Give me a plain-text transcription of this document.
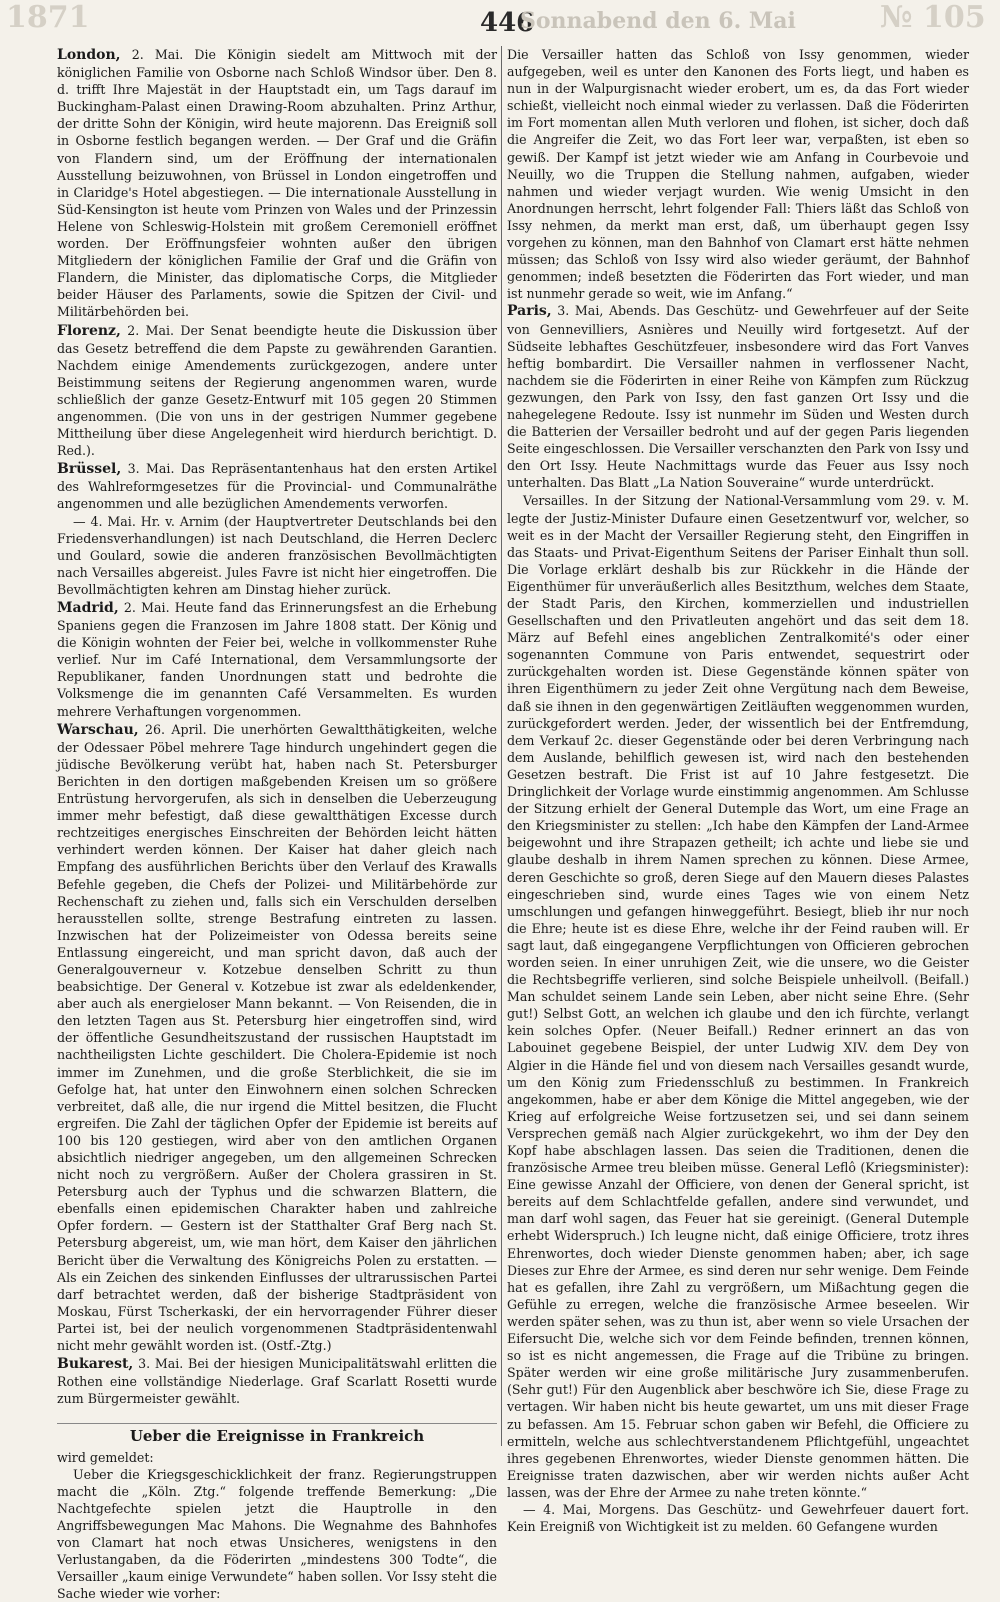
1871	446
Sonnabend den 6. Mai	№ 105

London, 2. Mai. Die Königin siedelt am Mittwoch mit der königlichen Familie von Osborne nach Schloß Windsor über. Den 8. d. trifft Ihre Majestät in der Hauptstadt ein, um Tags darauf im Buckingham-Palast einen Drawing-Room abzuhalten. Prinz Arthur, der dritte Sohn der Königin, wird heute majorenn. Das Ereigniß soll in Osborne festlich begangen werden. — Der Graf und die Gräfin von Flandern sind, um der Eröffnung der internationalen Ausstellung beizuwohnen, von Brüssel in London eingetroffen und in Claridge's Hotel abgestiegen. — Die internationale Ausstellung in Süd-Kensington ist heute vom Prinzen von Wales und der Prinzessin Helene von Schleswig-Holstein mit großem Ceremoniell eröffnet worden. Der Eröffnungsfeier wohnten außer den übrigen Mitgliedern der königlichen Familie der Graf und die Gräfin von Flandern, die Minister, das diplomatische Corps, die Mitglieder beider Häuser des Parlaments, sowie die Spitzen der Civil- und Militärbehörden bei.

Florenz, 2. Mai. Der Senat beendigte heute die Diskussion über das Gesetz betreffend die dem Papste zu gewährenden Garantien. Nachdem einige Amendements zurückgezogen, andere unter Beistimmung seitens der Regierung angenommen waren, wurde schließlich der ganze Gesetz-Entwurf mit 105 gegen 20 Stimmen angenommen. (Die von uns in der gestrigen Nummer gegebene Mittheilung über diese Angelegenheit wird hierdurch berichtigt. D. Red.).

Brüssel, 3. Mai. Das Repräsentantenhaus hat den ersten Artikel des Wahlreformgesetzes für die Provincial- und Communalräthe angenommen und alle bezüglichen Amendements verworfen.

— 4. Mai. Hr. v. Arnim (der Hauptvertreter Deutschlands bei den Friedensverhandlungen) ist nach Deutschland, die Herren Declerc und Goulard, sowie die anderen französischen Bevollmächtigten nach Versailles abgereist. Jules Favre ist nicht hier eingetroffen. Die Bevollmächtigten kehren am Dinstag hieher zurück.

Madrid, 2. Mai. Heute fand das Erinnerungsfest an die Erhebung Spaniens gegen die Franzosen im Jahre 1808 statt. Der König und die Königin wohnten der Feier bei, welche in vollkommenster Ruhe verlief. Nur im Café International, dem Versammlungsorte der Republikaner, fanden Unordnungen statt und bedrohte die Volksmenge die im genannten Café Versammelten. Es wurden mehrere Verhaftungen vorgenommen.

Warschau, 26. April. Die unerhörten Gewaltthätigkeiten, welche der Odessaer Pöbel mehrere Tage hindurch ungehindert gegen die jüdische Bevölkerung verübt hat, haben nach St. Petersburger Berichten in den dortigen maßgebenden Kreisen um so größere Entrüstung hervorgerufen, als sich in denselben die Ueberzeugung immer mehr befestigt, daß diese gewaltthätigen Excesse durch rechtzeitiges energisches Einschreiten der Behörden leicht hätten verhindert werden können. Der Kaiser hat daher gleich nach Empfang des ausführlichen Berichts über den Verlauf des Krawalls Befehle gegeben, die Chefs der Polizei- und Militärbehörde zur Rechenschaft zu ziehen und, falls sich ein Verschulden derselben herausstellen sollte, strenge Bestrafung eintreten zu lassen. Inzwischen hat der Polizeimeister von Odessa bereits seine Entlassung eingereicht, und man spricht davon, daß auch der Generalgouverneur v. Kotzebue denselben Schritt zu thun beabsichtige. Der General v. Kotzebue ist zwar als edeldenkender, aber auch als energieloser Mann bekannt. — Von Reisenden, die in den letzten Tagen aus St. Petersburg hier eingetroffen sind, wird der öffentliche Gesundheitszustand der russischen Hauptstadt im nachtheiligsten Lichte geschildert. Die Cholera-Epidemie ist noch immer im Zunehmen, und die große Sterblichkeit, die sie im Gefolge hat, hat unter den Einwohnern einen solchen Schrecken verbreitet, daß alle, die nur irgend die Mittel besitzen, die Flucht ergreifen. Die Zahl der täglichen Opfer der Epidemie ist bereits auf 100 bis 120 gestiegen, wird aber von den amtlichen Organen absichtlich niedriger angegeben, um den allgemeinen Schrecken nicht noch zu vergrößern. Außer der Cholera grassiren in St. Petersburg auch der Typhus und die schwarzen Blattern, die ebenfalls einen epidemischen Charakter haben und zahlreiche Opfer fordern. — Gestern ist der Statthalter Graf Berg nach St. Petersburg abgereist, um, wie man hört, dem Kaiser den jährlichen Bericht über die Verwaltung des Königreichs Polen zu erstatten. — Als ein Zeichen des sinkenden Einflusses der ultrarussischen Partei darf betrachtet werden, daß der bisherige Stadtpräsident von Moskau, Fürst Tscherkaski, der ein hervorragender Führer dieser Partei ist, bei der neulich vorgenommenen Stadtpräsidentenwahl nicht mehr gewählt worden ist. (Ostf.-Ztg.)

Bukarest, 3. Mai. Bei der hiesigen Municipalitätswahl erlitten die Rothen eine vollständige Niederlage. Graf Scarlatt Rosetti wurde zum Bürgermeister gewählt.

Ueber die Ereignisse in Frankreich
wird gemeldet:

Ueber die Kriegsgeschicklichkeit der franz. Regierungstruppen macht die „Köln. Ztg.“ folgende treffende Bemerkung: „Die Nachtgefechte spielen jetzt die Hauptrolle in den Angriffsbewegungen Mac Mahons. Die Wegnahme des Bahnhofes von Clamart hat noch etwas Unsicheres, wenigstens in den Verlustangaben, da die Föderirten „mindestens 300 Todte“, die Versailler „kaum einige Verwundete“ haben sollen. Vor Issy steht die Sache wieder wie vorher:

Die Versailler hatten das Schloß von Issy genommen, wieder aufgegeben, weil es unter den Kanonen des Forts liegt, und haben es nun in der Walpurgisnacht wieder erobert, um es, da das Fort wieder schießt, vielleicht noch einmal wieder zu verlassen. Daß die Föderirten im Fort momentan allen Muth verloren und flohen, ist sicher, doch daß die Angreifer die Zeit, wo das Fort leer war, verpaßten, ist eben so gewiß. Der Kampf ist jetzt wieder wie am Anfang in Courbevoie und Neuilly, wo die Truppen die Stellung nahmen, aufgaben, wieder nahmen und wieder verjagt wurden. Wie wenig Umsicht in den Anordnungen herrscht, lehrt folgender Fall: Thiers läßt das Schloß von Issy nehmen, da merkt man erst, daß, um überhaupt gegen Issy vorgehen zu können, man den Bahnhof von Clamart erst hätte nehmen müssen; das Schloß von Issy wird also wieder geräumt, der Bahnhof genommen; indeß besetzten die Föderirten das Fort wieder, und man ist nunmehr gerade so weit, wie im Anfang.“

Paris, 3. Mai, Abends. Das Geschütz- und Gewehrfeuer auf der Seite von Gennevilliers, Asnières und Neuilly wird fortgesetzt. Auf der Südseite lebhaftes Geschützfeuer, insbesondere wird das Fort Vanves heftig bombardirt. Die Versailler nahmen in verflossener Nacht, nachdem sie die Föderirten in einer Reihe von Kämpfen zum Rückzug gezwungen, den Park von Issy, den fast ganzen Ort Issy und die nahegelegene Redoute. Issy ist nunmehr im Süden und Westen durch die Batterien der Versailler bedroht und auf der gegen Paris liegenden Seite eingeschlossen. Die Versailler verschanzten den Park von Issy und den Ort Issy. Heute Nachmittags wurde das Feuer aus Issy noch unterhalten. Das Blatt „La Nation Souveraine“ wurde unterdrückt.

Versailles. In der Sitzung der National-Versammlung vom 29. v. M. legte der Justiz-Minister Dufaure einen Gesetzentwurf vor, welcher, so weit es in der Macht der Versailler Regierung steht, den Eingriffen in das Staats- und Privat-Eigenthum Seitens der Pariser Einhalt thun soll. Die Vorlage erklärt deshalb bis zur Rückkehr in die Hände der Eigenthümer für unveräußerlich alles Besitzthum, welches dem Staate, der Stadt Paris, den Kirchen, kommerziellen und industriellen Gesellschaften und den Privatleuten angehört und das seit dem 18. März auf Befehl eines angeblichen Zentralkomité's oder einer sogenannten Commune von Paris entwendet, sequestrirt oder zurückgehalten worden ist. Diese Gegenstände können später von ihren Eigenthümern zu jeder Zeit ohne Vergütung nach dem Beweise, daß sie ihnen in den gegenwärtigen Zeitläuften weggenommen wurden, zurückgefordert werden. Jeder, der wissentlich bei der Entfremdung, dem Verkauf 2c. dieser Gegenstände oder bei deren Verbringung nach dem Auslande, behilflich gewesen ist, wird nach den bestehenden Gesetzen bestraft. Die Frist ist auf 10 Jahre festgesetzt. Die Dringlichkeit der Vorlage wurde einstimmig angenommen. Am Schlusse der Sitzung erhielt der General Dutemple das Wort, um eine Frage an den Kriegsminister zu stellen: „Ich habe den Kämpfen der Land-Armee beigewohnt und ihre Strapazen getheilt; ich achte und liebe sie und glaube deshalb in ihrem Namen sprechen zu können. Diese Armee, deren Geschichte so groß, deren Siege auf den Mauern dieses Palastes eingeschrieben sind, wurde eines Tages wie von einem Netz umschlungen und gefangen hinweggeführt. Besiegt, blieb ihr nur noch die Ehre; heute ist es diese Ehre, welche ihr der Feind rauben will. Er sagt laut, daß eingegangene Verpflichtungen von Officieren gebrochen worden seien. In einer unruhigen Zeit, wie die unsere, wo die Geister die Rechtsbegriffe verlieren, sind solche Beispiele unheilvoll. (Beifall.) Man schuldet seinem Lande sein Leben, aber nicht seine Ehre. (Sehr gut!) Selbst Gott, an welchen ich glaube und den ich fürchte, verlangt kein solches Opfer. (Neuer Beifall.) Redner erinnert an das von Labouinet gegebene Beispiel, der unter Ludwig XIV. dem Dey von Algier in die Hände fiel und von diesem nach Versailles gesandt wurde, um den König zum Friedensschluß zu bestimmen. In Frankreich angekommen, habe er aber dem Könige die Mittel angegeben, wie der Krieg auf erfolgreiche Weise fortzusetzen sei, und sei dann seinem Versprechen gemäß nach Algier zurückgekehrt, wo ihm der Dey den Kopf habe abschlagen lassen. Das seien die Traditionen, denen die französische Armee treu bleiben müsse. General Leflô (Kriegsminister): Eine gewisse Anzahl der Officiere, von denen der General spricht, ist bereits auf dem Schlachtfelde gefallen, andere sind verwundet, und man darf wohl sagen, das Feuer hat sie gereinigt. (General Dutemple erhebt Widerspruch.) Ich leugne nicht, daß einige Officiere, trotz ihres Ehrenwortes, doch wieder Dienste genommen haben; aber, ich sage Dieses zur Ehre der Armee, es sind deren nur sehr wenige. Dem Feinde hat es gefallen, ihre Zahl zu vergrößern, um Mißachtung gegen die Gefühle zu erregen, welche die französische Armee beseelen. Wir werden später sehen, was zu thun ist, aber wenn so viele Ursachen der Eifersucht Die, welche sich vor dem Feinde befinden, trennen können, so ist es nicht angemessen, die Frage auf die Tribüne zu bringen. Später werden wir eine große militärische Jury zusammenberufen. (Sehr gut!) Für den Augenblick aber beschwöre ich Sie, diese Frage zu vertagen. Wir haben nicht bis heute gewartet, um uns mit dieser Frage zu befassen. Am 15. Februar schon gaben wir Befehl, die Officiere zu ermitteln, welche aus schlechtverstandenem Pflichtgefühl, ungeachtet ihres gegebenen Ehrenwortes, wieder Dienste genommen hätten. Die Ereignisse traten dazwischen, aber wir werden nichts außer Acht lassen, was der Ehre der Armee zu nahe treten könnte.“

— 4. Mai, Morgens. Das Geschütz- und Gewehrfeuer dauert fort. Kein Ereigniß von Wichtigkeit ist zu melden. 60 Gefangene wurden
